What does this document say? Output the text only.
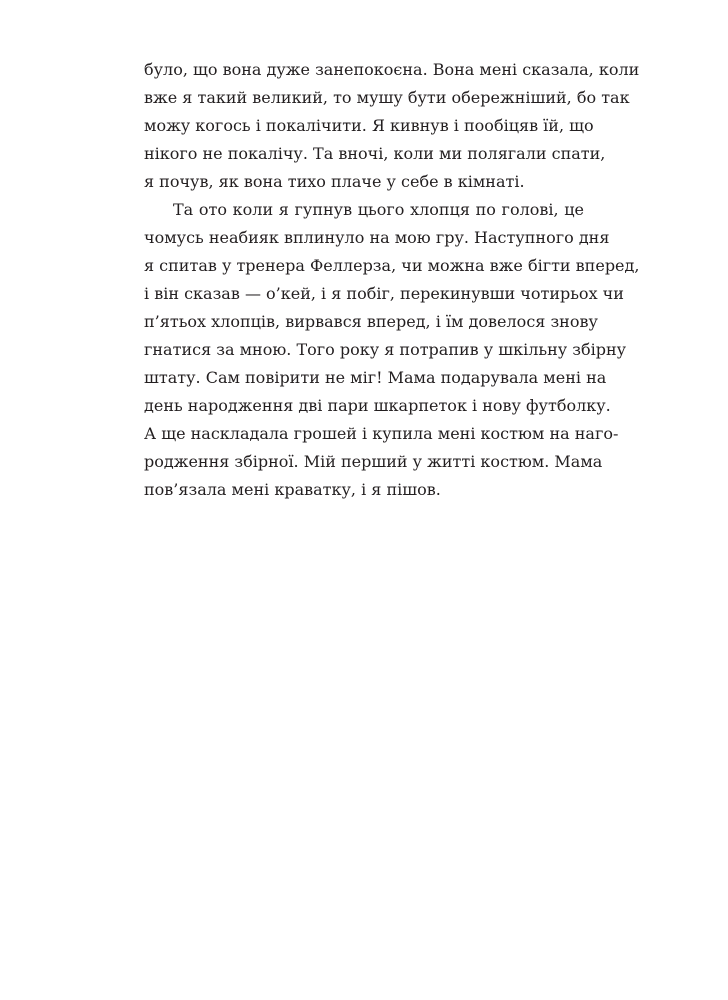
було, що вона дуже занепокоєна. Вона мені сказала, коли
вже я такий великий, то мушу бути обережніший, бо так
можу когось і покалічити. Я кивнув і пообіцяв їй, що
нікого не покалічу. Та вночі, коли ми полягали спати,
я почув, як вона тихо плаче у себе в кімнаті.
Та ото коли я гупнув цього хлопця по голові, це
чомусь неабияк вплинуло на мою гру. Наступного дня
я спитав у тренера Феллерза, чи можна вже бігти вперед,
і він сказав — о’кей, і я побіг, перекинувши чотирьох чи
п’ятьох хлопців, вирвався вперед, і їм довелося знову
гнатися за мною. Того року я потрапив у шкільну збірну
штату. Сам повірити не міг! Мама подарувала мені на
день народження дві пари шкарпеток і нову футболку.
А ще наскладала грошей і купила мені костюм на наго-
родження збірної. Мій перший у житті костюм. Мама
пов’язала мені краватку, і я пішов.
